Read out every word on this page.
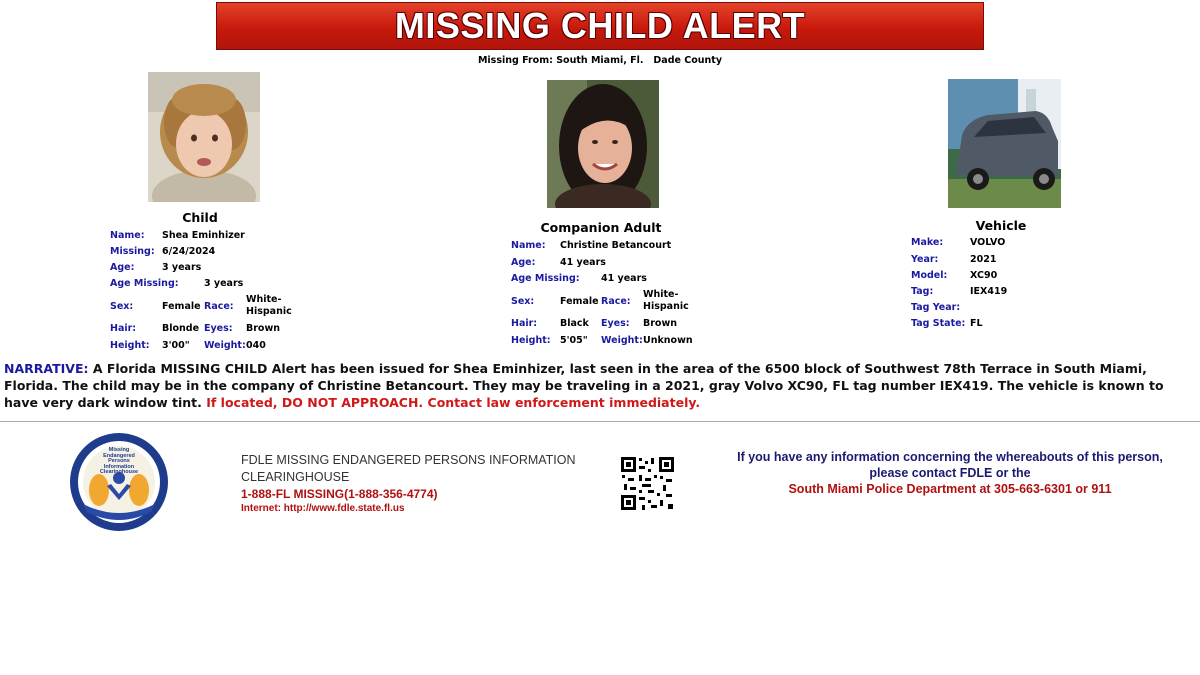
MISSING CHILD ALERT
Missing From: South Miami, Fl.   Dade County
Child
Name: Shea Eminhizer
Missing: 6/24/2024
Age:	3 years
Age Missing:	3 years
Sex:	Female Race:
White-Hispanic
Hair:	Blonde Eyes: Brown
Height: 3'00" Weight: 040
Companion Adult
Name: Christine Betancourt
Age:	41 years
Age Missing: 41 years
Sex:	Female Race:
White-Hispanic
Hair: Black Eyes: Brown
Height: 5'05" Weight: Unknown
Vehicle
Make:	VOLVO
Year:	2021
Model: XC90
Tag:	IEX419
Tag Year:
Tag State: FL
NARRATIVE: A Florida MISSING CHILD Alert has been issued for Shea Eminhizer, last seen in the area of the 6500 block of Southwest 78th Terrace in South Miami, Florida. The child may be in the company of Christine Betancourt. They may be traveling in a 2021, gray Volvo XC90, FL tag number IEX419. The vehicle is known to have very dark window tint. If located, DO NOT APPROACH. Contact law enforcement immediately.
Missing
Endangered
Persons
Information
Clearinghouse
FDLE MISSING ENDANGERED PERSONS INFORMATION
CLEARINGHOUSE
1-888-FL MISSING(1-888-356-4774)
Internet: http://www.fdle.state.fl.us
If you have any information concerning the whereabouts of this person,
please contact FDLE or the
South Miami Police Department at 305-663-6301 or 911
